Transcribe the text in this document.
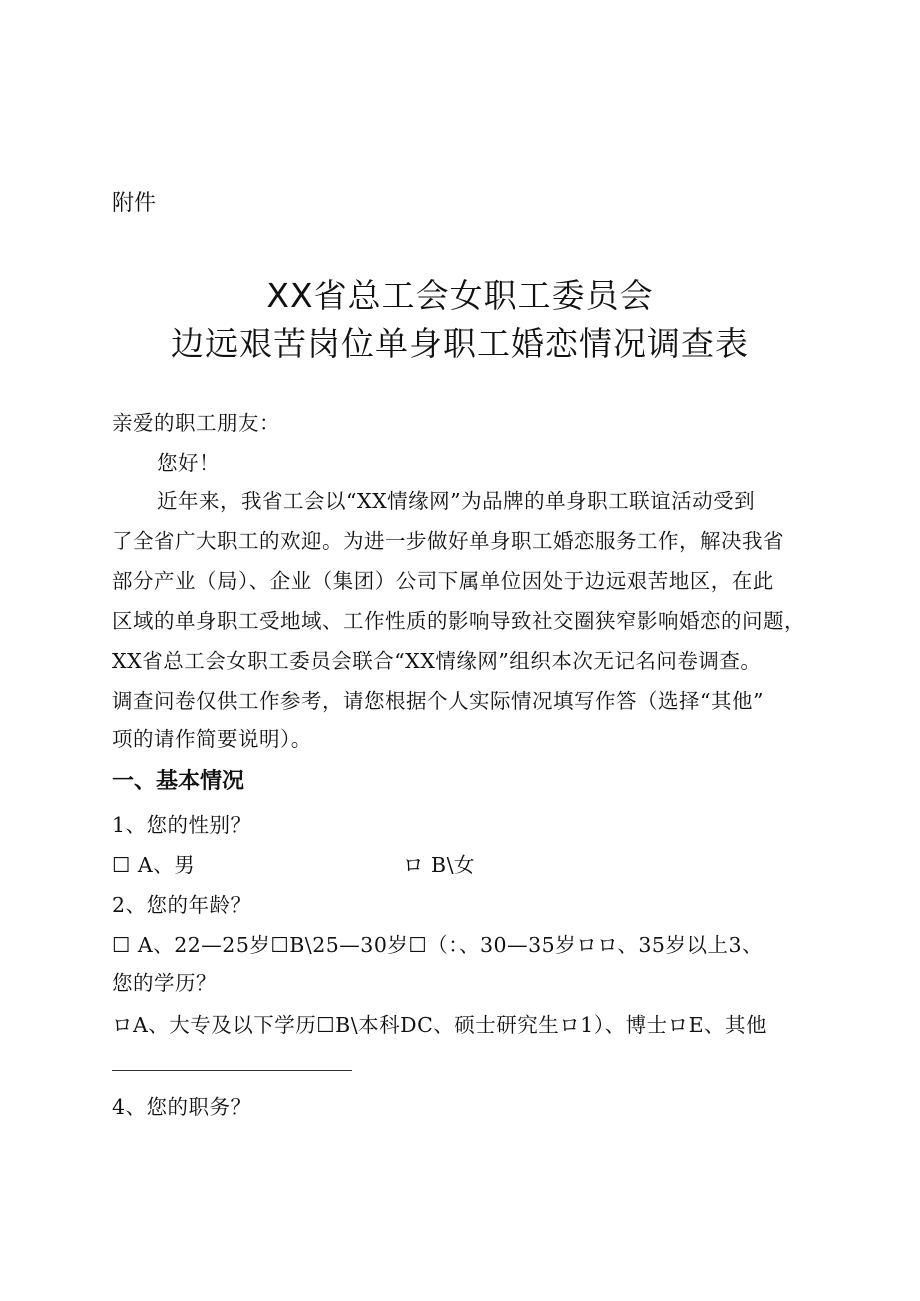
附件
XX省总工会女职工委员会
边远艰苦岗位单身职工婚恋情况调查表
亲爱的职工朋友：
您好！
近年来，我省工会以“XX情缘网”为品牌的单身职工联谊活动受到
了全省广大职工的欢迎。为进一步做好单身职工婚恋服务工作，解决我省
部分产业（局）、企业（集团）公司下属单位因处于边远艰苦地区，在此
区域的单身职工受地域、工作性质的影响导致社交圈狭窄影响婚恋的问题，
XX省总工会女职工委员会联合“XX情缘网”组织本次无记名问卷调查。
调查问卷仅供工作参考，请您根据个人实际情况填写作答（选择“其他”
项的请作简要说明）。
一、基本情况
1、您的性别？
☐ A、男	ロ B\女
2、您的年龄？
☐ A、22—25岁☐B\25—30岁☐（：、30—35岁ロロ、35岁以上3、
您的学历？
ロA、大专及以下学历☐B\本科DC、硕士研究生ロ1）、博士ロE、其他
4、您的职务？
